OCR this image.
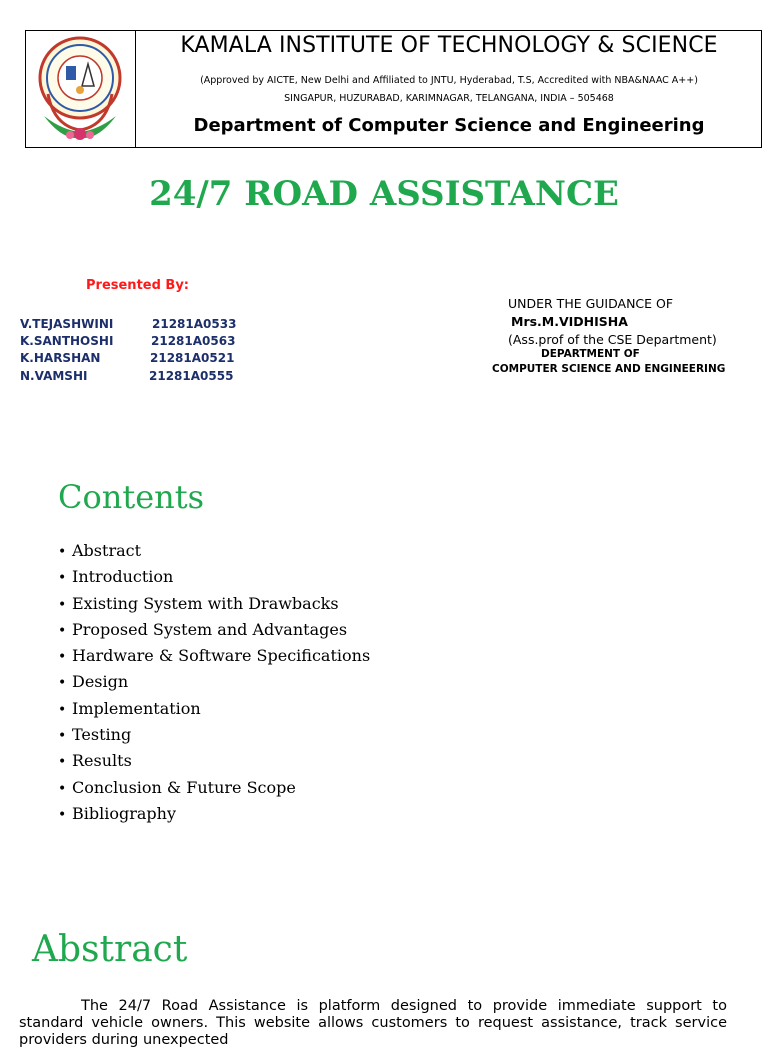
KAMALA INSTITUTE OF TECHNOLOGY & SCIENCE
(Approved by AICTE, New Delhi and Affiliated to JNTU, Hyderabad, T.S, Accredited with NBA&NAAC A++)
SINGAPUR, HUZURABAD, KARIMNAGAR, TELANGANA, INDIA – 505468
Department of Computer Science and Engineering
24/7 ROAD ASSISTANCE
Presented By:
V.TEJASHWINI	21281A0533
K.SANTHOSHI	21281A0563
K.HARSHAN	21281A0521
N.VAMSHI	21281A0555
UNDER THE GUIDANCE OF
Mrs.M.VIDHISHA
(Ass.prof of the CSE Department)
DEPARTMENT OF
COMPUTER SCIENCE AND ENGINEERING
Contents
• Abstract
• Introduction
• Existing System with Drawbacks
• Proposed System and Advantages
• Hardware & Software Specifications
• Design
• Implementation
• Testing
• Results
• Conclusion & Future Scope
• Bibliography
Abstract
The 24/7 Road Assistance is platform designed to provide immediate support to standard vehicle owners. This website allows customers to request assistance, track service providers during unexpected
